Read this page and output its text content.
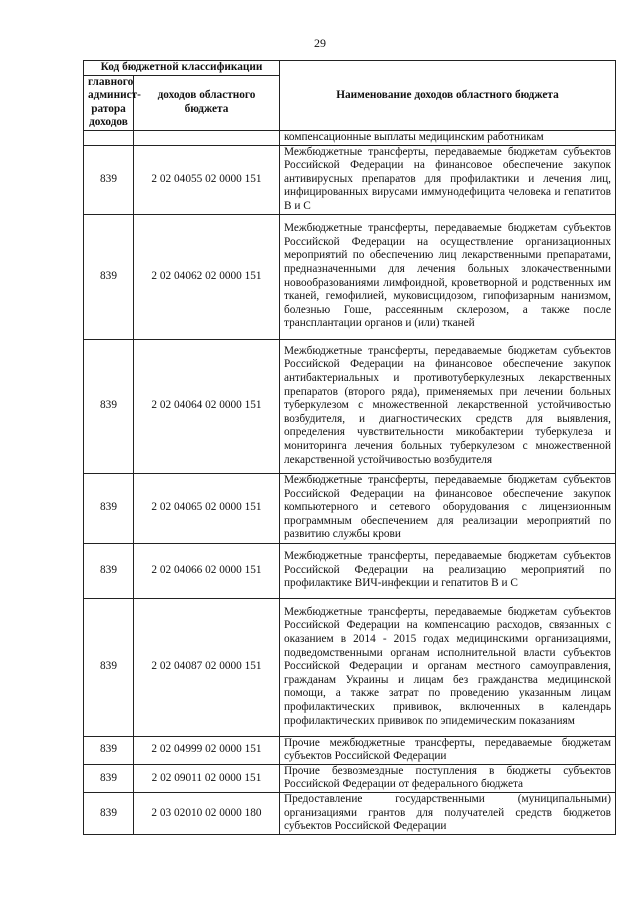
29
Код бюджетной классификации		Наименование доходов областного бюджета
главного админист-ратора доходов	доходов областного бюджета	
		компенсационные выплаты медицинским работникам
839	2 02 04055 02 0000 151	Межбюджетные трансферты, передаваемые бюджетам субъектов Российской Федерации на финансовое обеспечение закупок антивирусных препаратов для профилактики и лечения лиц, инфицированных вирусами иммунодефицита человека и гепатитов В и С
839	2 02 04062 02 0000 151	Межбюджетные трансферты, передаваемые бюджетам субъектов Российской Федерации на осуществление организационных мероприятий по обеспечению лиц лекарственными препаратами, предназначенными для лечения больных злокачественными новообразованиями лимфоидной, кроветворной и родственных им тканей, гемофилией, муковисцидозом, гипофизарным нанизмом, болезнью Гоше, рассеянным склерозом, а также после трансплантации органов и (или) тканей
839	2 02 04064 02 0000 151	Межбюджетные трансферты, передаваемые бюджетам субъектов Российской Федерации на финансовое обеспечение закупок антибактериальных и противотуберкулезных лекарственных препаратов (второго ряда), применяемых при лечении больных туберкулезом с множественной лекарственной устойчивостью возбудителя, и диагностических средств для выявления, определения чувствительности микобактерии туберкулеза и мониторинга лечения больных туберкулезом с множественной лекарственной устойчивостью возбудителя
839	2 02 04065 02 0000 151	Межбюджетные трансферты, передаваемые бюджетам субъектов Российской Федерации на финансовое обеспечение закупок компьютерного и сетевого оборудования с лицензионным программным обеспечением для реализации мероприятий по развитию службы крови
839	2 02 04066 02 0000 151	Межбюджетные трансферты, передаваемые бюджетам субъектов Российской Федерации на реализацию мероприятий по профилактике ВИЧ-инфекции и гепатитов В и С
839	2 02 04087 02 0000 151	Межбюджетные трансферты, передаваемые бюджетам субъектов Российской Федерации на компенсацию расходов, связанных с оказанием в 2014 - 2015 годах медицинскими организациями, подведомственными органам исполнительной власти субъектов Российской Федерации и органам местного самоуправления, гражданам Украины и лицам без гражданства медицинской помощи, а также затрат по проведению указанным лицам профилактических прививок, включенных в календарь профилактических прививок по эпидемическим показаниям
839	2 02 04999 02 0000 151	Прочие межбюджетные трансферты, передаваемые бюджетам субъектов Российской Федерации
839	2 02 09011 02 0000 151	Прочие безвозмездные поступления в бюджеты субъектов Российской Федерации от федерального бюджета
839	2 03 02010 02 0000 180	Предоставление государственными (муниципальными) организациями грантов для получателей средств бюджетов субъектов Российской Федерации
